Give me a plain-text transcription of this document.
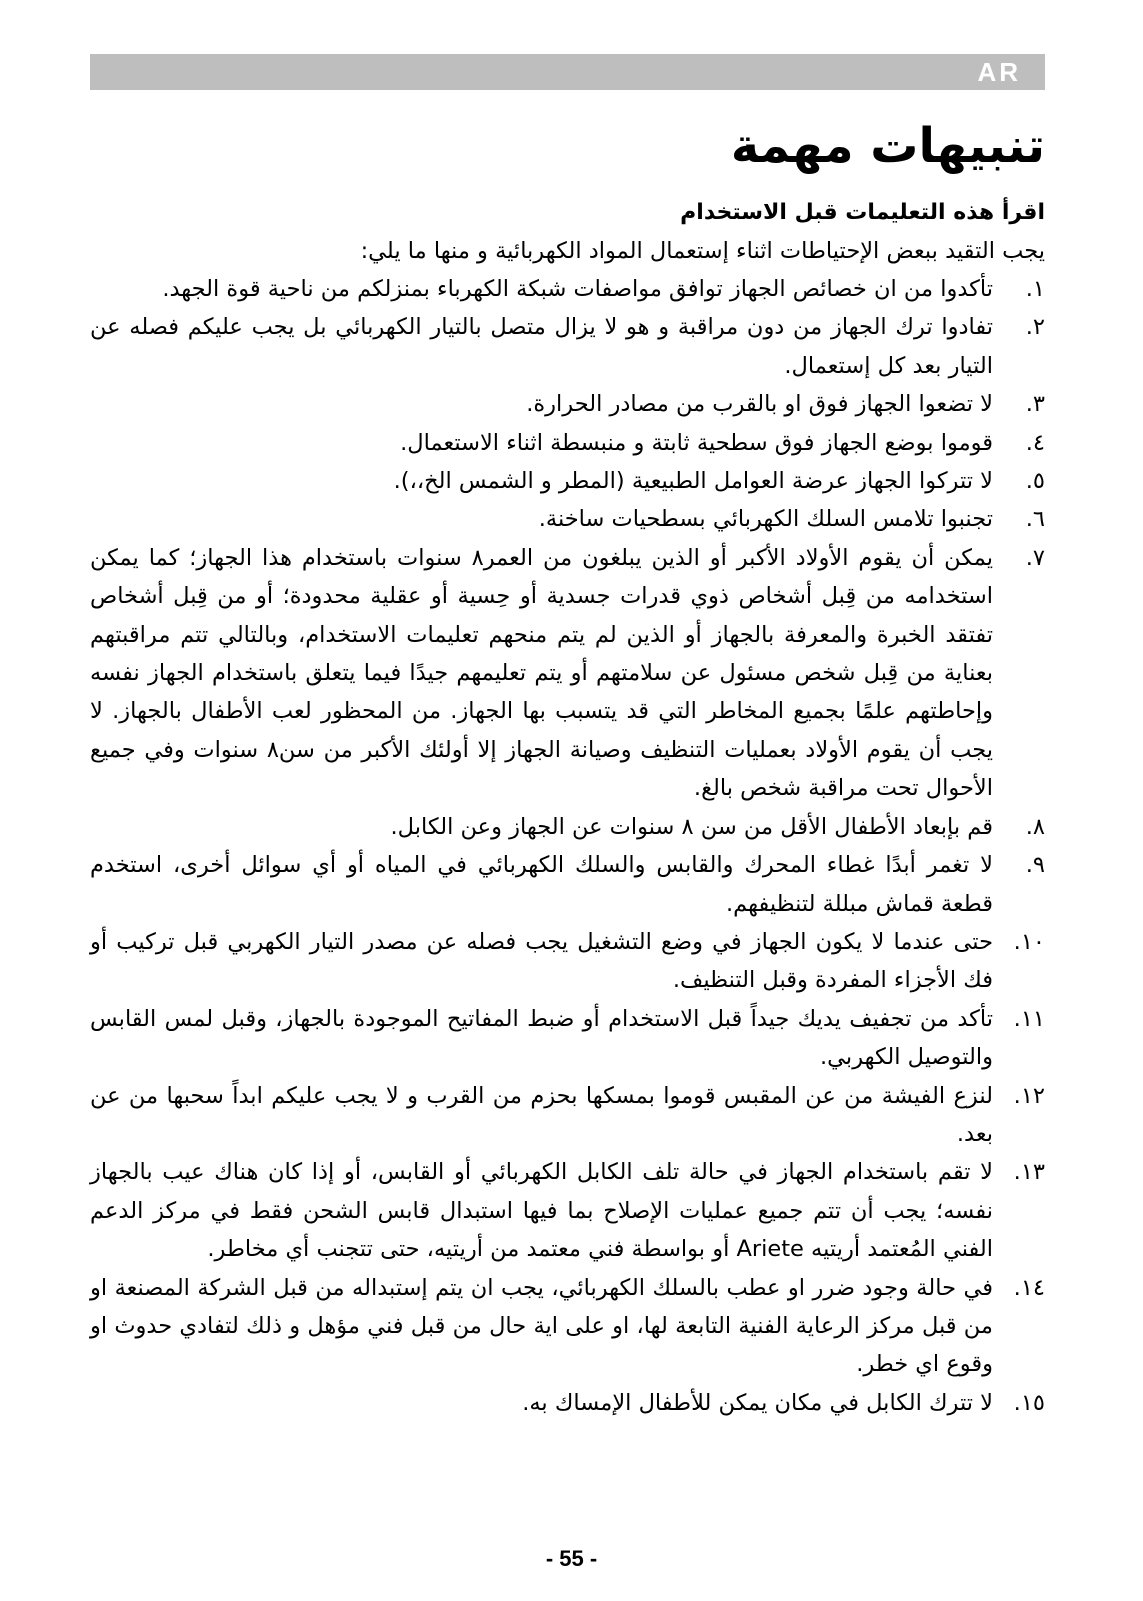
AR
تنبيهات مهمة
اقرأ هذه التعليمات قبل الاستخدام

يجب التقيد ببعض الإحتياطات اثناء إستعمال المواد الكهربائية و منها ما يلي:

١.
تأكدوا من ان خصائص الجهاز توافق مواصفات شبكة الكهرباء بمنزلكم من ناحية قوة الجهد.
٢.
تفادوا ترك الجهاز من دون مراقبة و هو لا يزال متصل بالتيار الكهربائي بل يجب عليكم فصله عن التيار بعد كل إستعمال.
٣.
لا تضعوا الجهاز فوق او بالقرب من مصادر الحرارة.
٤.
قوموا بوضع الجهاز فوق سطحية ثابتة و منبسطة اثناء الاستعمال.
٥.
لا تتركوا الجهاز عرضة العوامل الطبيعية (المطر و الشمس الخ،،).
٦.
تجنبوا تلامس السلك الكهربائي بسطحيات ساخنة.
٧.
يمكن أن يقوم الأولاد الأكبر أو الذين يبلغون من العمر٨ سنوات باستخدام هذا الجهاز؛ كما يمكن استخدامه من قِبل أشخاص ذوي قدرات جسدية أو حِسية أو عقلية محدودة؛ أو من قِبل أشخاص تفتقد الخبرة والمعرفة بالجهاز أو الذين لم يتم منحهم تعليمات الاستخدام، وبالتالي تتم مراقبتهم بعناية من قِبل شخص مسئول عن سلامتهم أو يتم تعليمهم جيدًا فيما يتعلق باستخدام الجهاز نفسه وإحاطتهم علمًا بجميع المخاطر التي قد يتسبب بها الجهاز. من المحظور لعب الأطفال بالجهاز. لا يجب أن يقوم الأولاد بعمليات التنظيف وصيانة الجهاز إلا أولئك الأكبر من سن٨ سنوات وفي جميع الأحوال تحت مراقبة شخص بالغ.
٨.
قم بإبعاد الأطفال الأقل من سن ٨ سنوات عن الجهاز وعن الكابل.
٩.
لا تغمر أبدًا غطاء المحرك والقابس والسلك الكهربائي في المياه أو أي سوائل أخرى، استخدم قطعة قماش مبللة لتنظيفهم.
١٠.
حتى عندما لا يكون الجهاز في وضع التشغيل يجب فصله عن مصدر التيار الكهربي قبل تركيب أو فك الأجزاء المفردة وقبل التنظيف.
١١.
تأكد من تجفيف يديك جيداً قبل الاستخدام أو ضبط المفاتيح الموجودة بالجهاز، وقبل لمس القابس والتوصيل الكهربي.
١٢.
لنزع الفيشة من عن المقبس قوموا بمسكها بحزم من القرب و لا يجب عليكم ابداً سحبها من عن بعد.
١٣.
لا تقم باستخدام الجهاز في حالة تلف الكابل الكهربائي أو القابس، أو إذا كان هناك عيب بالجهاز نفسه؛ يجب أن تتم جميع عمليات الإصلاح بما فيها استبدال قابس الشحن فقط في مركز الدعم الفني المُعتمد أريتيه Ariete أو بواسطة فني معتمد من أريتيه، حتى تتجنب أي مخاطر.
١٤.
في حالة وجود ضرر او عطب بالسلك الكهربائي، يجب ان يتم إستبداله من قبل الشركة المصنعة او من قبل مركز الرعاية الفنية التابعة لها، او على اية حال من قبل فني مؤهل و ذلك لتفادي حدوث او وقوع اي خطر.
١٥.
لا تترك الكابل في مكان يمكن للأطفال الإمساك به.
- 55 -
